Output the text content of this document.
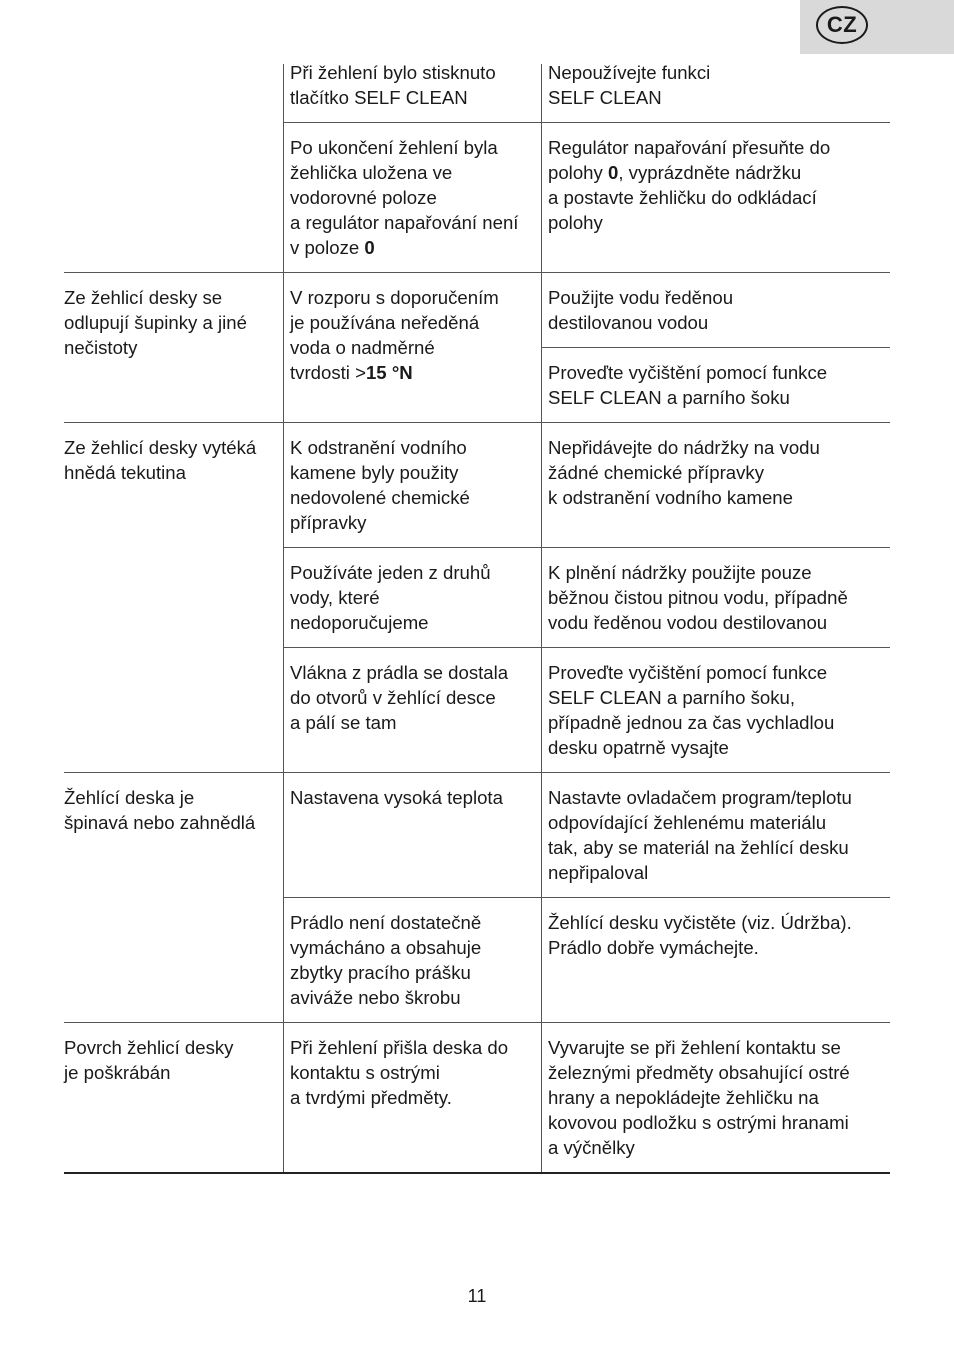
CZ
Při žehlení bylo stisknuto
tlačítko SELF CLEAN
Nepoužívejte funkci
SELF CLEAN
Po ukončení žehlení byla
žehlička uložena ve
vodorovné poloze
a regulátor napařování není
v poloze 0
Regulátor napařování přesuňte do
polohy 0, vyprázdněte nádržku
a postavte žehličku do odkládací
polohy
Ze žehlicí desky se
odlupují šupinky a jiné
nečistoty
V rozporu s doporučením
je používána neředěná
voda o nadměrné
tvrdosti >15 °N
Použijte vodu ředěnou
destilovanou vodou
Proveďte vyčištění pomocí funkce
SELF CLEAN a parního šoku
Ze žehlicí desky vytéká
hnědá tekutina
K odstranění vodního
kamene byly použity
nedovolené chemické
přípravky
Nepřidávejte do nádržky na vodu
žádné chemické přípravky
k odstranění vodního kamene
Používáte jeden z druhů
vody, které
nedoporučujeme
K plnění nádržky použijte pouze
běžnou čistou pitnou vodu, případně
vodu ředěnou vodou destilovanou
Vlákna z prádla se dostala
do otvorů v žehlící desce
a pálí se tam
Proveďte vyčištění pomocí funkce
SELF CLEAN a parního šoku,
případně jednou za čas vychladlou
desku opatrně vysajte
Žehlící deska je
špinavá nebo zahnědlá
Nastavena vysoká teplota Nastavte ovladačem program/teplotu
odpovídající žehlenému materiálu
tak, aby se materiál na žehlící desku
nepřipaloval
Prádlo není dostatečně
vymácháno a obsahuje
zbytky pracího prášku
aviváže nebo škrobu
Žehlící desku vyčistěte (viz. Údržba).
Prádlo dobře vymáchejte.
Povrch žehlicí desky
je poškrábán
Při žehlení přišla deska do
kontaktu s ostrými
a tvrdými předměty.
Vyvarujte se při žehlení kontaktu se
železnými předměty obsahující ostré
hrany a nepokládejte žehličku na
kovovou podložku s ostrými hranami
a výčnělky
11
